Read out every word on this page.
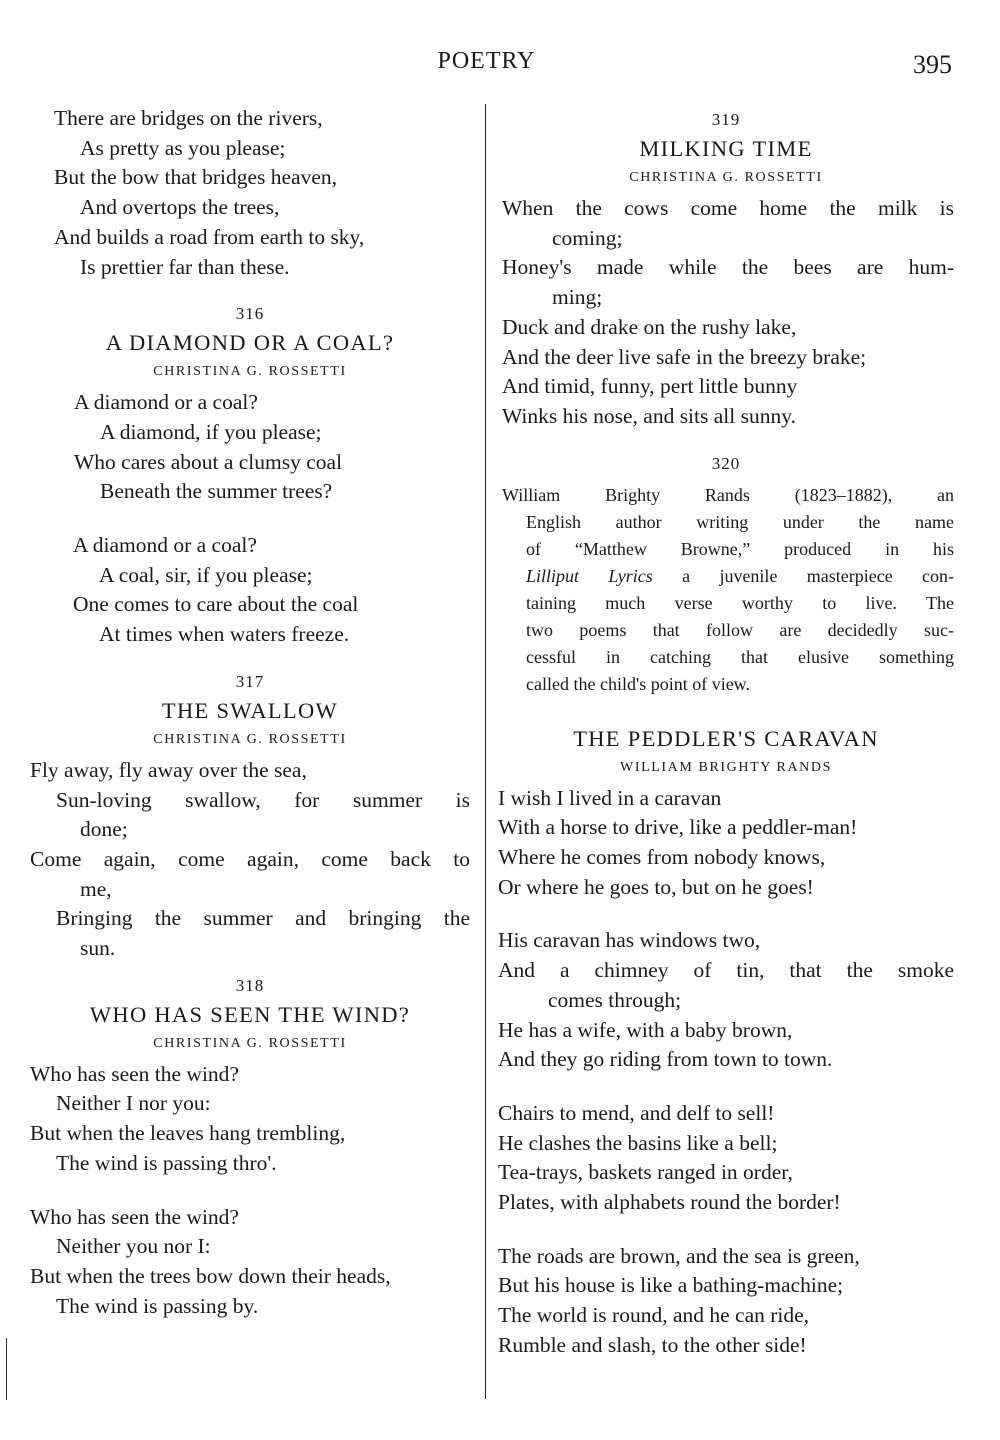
POETRY	395
There are bridges on the rivers,
As pretty as you please;
But the bow that bridges heaven,
And overtops the trees,
And builds a road from earth to sky,
Is prettier far than these.
316
A DIAMOND OR A COAL?
CHRISTINA G. ROSSETTI
A diamond or a coal?
A diamond, if you please;
Who cares about a clumsy coal
Beneath the summer trees?
A diamond or a coal?
A coal, sir, if you please;
One comes to care about the coal
At times when waters freeze.
317
THE SWALLOW
CHRISTINA G. ROSSETTI
Fly away, fly away over the sea,
Sun-loving swallow, for summer is
done;
Come again, come again, come back to
me,
Bringing the summer and bringing the
sun.
318
WHO HAS SEEN THE WIND?
CHRISTINA G. ROSSETTI
Who has seen the wind?
Neither I nor you:
But when the leaves hang trembling,
The wind is passing thro'.
Who has seen the wind?
Neither you nor I:
But when the trees bow down their heads,
The wind is passing by.
319
MILKING TIME
CHRISTINA G. ROSSETTI
When the cows come home the milk is
coming;
Honey's made while the bees are hum-
ming;
Duck and drake on the rushy lake,
And the deer live safe in the breezy brake;
And timid, funny, pert little bunny
Winks his nose, and sits all sunny.
320
William Brighty Rands (1823–1882), an
English author writing under the name
of “Matthew Browne,” produced in his
Lilliput Lyrics a juvenile masterpiece con-
taining much verse worthy to live. The
two poems that follow are decidedly suc-
cessful in catching that elusive something
called the child's point of view.
THE PEDDLER'S CARAVAN
WILLIAM BRIGHTY RANDS
I wish I lived in a caravan
With a horse to drive, like a peddler-man!
Where he comes from nobody knows,
Or where he goes to, but on he goes!
His caravan has windows two,
And a chimney of tin, that the smoke
comes through;
He has a wife, with a baby brown,
And they go riding from town to town.
Chairs to mend, and delf to sell!
He clashes the basins like a bell;
Tea-trays, baskets ranged in order,
Plates, with alphabets round the border!
The roads are brown, and the sea is green,
But his house is like a bathing-machine;
The world is round, and he can ride,
Rumble and slash, to the other side!
